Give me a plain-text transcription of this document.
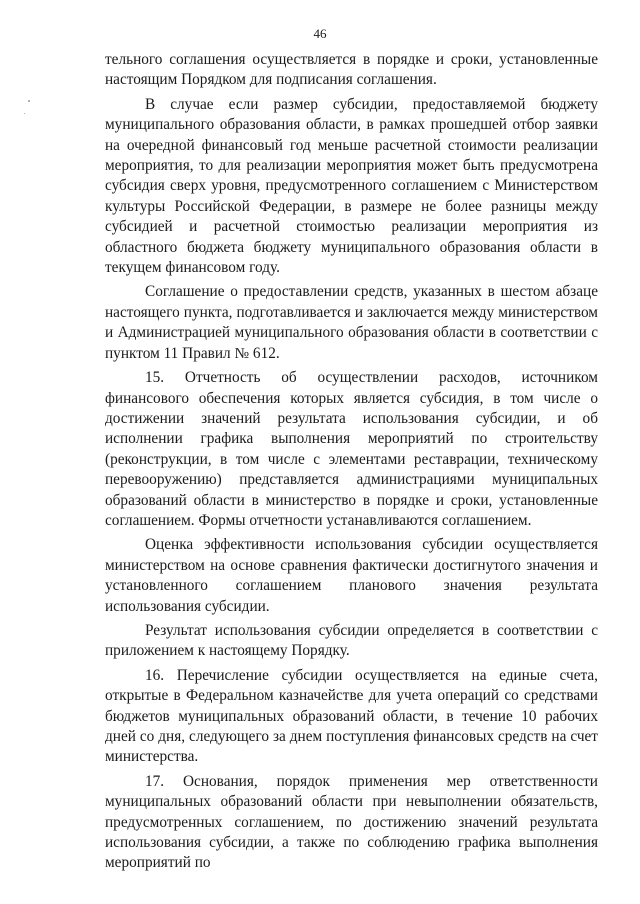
46

тельного соглашения осуществляется в порядке и сроки, установленные настоящим Порядком для подписания соглашения.

В случае если размер субсидии, предоставляемой бюджету муниципального образования области, в рамках прошедшей отбор заявки на очередной финансовый год меньше расчетной стоимости реализации мероприятия, то для реализации мероприятия может быть предусмотрена субсидия сверх уровня, предусмотренного соглашением с Министерством культуры Российской Федерации, в размере не более разницы между субсидией и расчетной стоимостью реализации мероприятия из областного бюджета бюджету муниципального образования области в текущем финансовом году.

Соглашение о предоставлении средств, указанных в шестом абзаце настоящего пункта, подготавливается и заключается между министерством и Администрацией муниципального образования области в соответствии с пунктом 11 Правил № 612.

15. Отчетность об осуществлении расходов, источником финансового обеспечения которых является субсидия, в том числе о достижении значений результата использования субсидии, и об исполнении графика выполнения мероприятий по строительству (реконструкции, в том числе с элементами реставрации, техническому перевооружению) представляется администрациями муниципальных образований области в министерство в порядке и сроки, установленные соглашением. Формы отчетности устанавливаются соглашением.

Оценка эффективности использования субсидии осуществляется министерством на основе сравнения фактически достигнутого значения и установленного соглашением планового значения результата использования субсидии.

Результат использования субсидии определяется в соответствии с приложением к настоящему Порядку.

16. Перечисление субсидии осуществляется на единые счета, открытые в Федеральном казначействе для учета операций со средствами бюджетов муниципальных образований области, в течение 10 рабочих дней со дня, следующего за днем поступления финансовых средств на счет министерства.

17. Основания, порядок применения мер ответственности муниципальных образований области при невыполнении обязательств, предусмотренных соглашением, по достижению значений результата использования субсидии, а также по соблюдению графика выполнения мероприятий по
